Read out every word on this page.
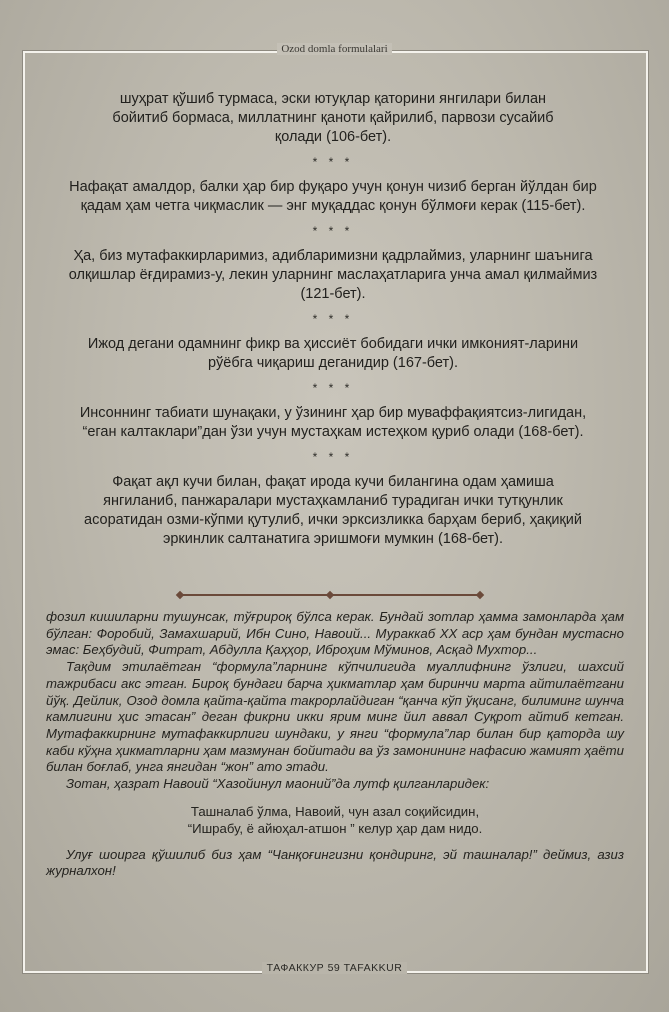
Ozod domla formulalari

шуҳрат қўшиб турмаса, эски ютуқлар қаторини янгилари билан бойитиб бормаса, миллатнинг қаноти қайрилиб, парвози сусайиб қолади (106-бет).

* * *

Нафақат амалдор, балки ҳар бир фуқаро учун қонун чизиб берган йўлдан бир қадам ҳам четга чиқмаслик — энг муқаддас қонун бўлмоғи керак (115-бет).

* * *

Ҳа, биз мутафаккирларимиз, адибларимизни қадрлаймиз, уларнинг шаънига олқишлар ёғдирамиз-у, лекин уларнинг маслаҳатларига унча амал қилмаймиз (121-бет).

* * *

Ижод дегани одамнинг фикр ва ҳиссиёт бобидаги ички имконият-ларини рўёбга чиқариш деганидир (167-бет).

* * *

Инсоннинг табиати шунақаки, у ўзининг ҳар бир муваффақиятсиз-лигидан, “еган калтаклари”дан ўзи учун мустаҳкам истеҳком қуриб олади (168-бет).

* * *

Фақат ақл кучи билан, фақат ирода кучи билангина одам ҳамиша янгиланиб, панжаралари мустаҳкамланиб турадиган ички тутқунлик асоратидан озми-кўпми қутулиб, ички эрксизликка барҳам бериб, ҳақиқий эркинлик салтанатига эришмоғи мумкин (168-бет).

фозил кишиларни тушунсак, тўғрироқ бўлса керак. Бундай зотлар ҳамма замонларда ҳам бўлган: Форобий, Замахшарий, Ибн Сино, Навоий... Мураккаб XX аср ҳам бундан мустасно эмас: Беҳбудий, Фитрат, Абдулла Қаҳҳор, Иброҳим Мўминов, Асқад Мухтор...

Тақдим этилаётган “формула”ларнинг кўпчилигида муаллифнинг ўзлиги, шахсий тажрибаси акс этган. Бироқ бундаги барча ҳикматлар ҳам биринчи марта айтилаётгани йўқ. Дейлик, Озод домла қайта-қайта такрорлайдиган “қанча кўп ўқисанг, билиминг шунча камлигини ҳис этасан” деган фикрни икки ярим минг йил аввал Суқрот айтиб кетган. Мутафаккирнинг мутафаккирлиги шундаки, у янги “формула”лар билан бир қаторда шу каби кўҳна ҳикматларни ҳам мазмунан бойитади ва ўз замонининг нафасию жамият ҳаёти билан боғлаб, унга янгидан “жон” ато этади.

Зотан, ҳазрат Навоий “Хазойинул маоний”да лутф қилганларидек:

Ташналаб ўлма, Навоий, чун азал соқийсидин,
“Ишрабу, ё айюҳал-атшон ” келур ҳар дам нидо.

Улуғ шоирга қўшилиб биз ҳам “Чанқоғингизни қондиринг, эй ташналар!” деймиз, азиз журналхон!

ТАФАККУР 59 TAFAKKUR
